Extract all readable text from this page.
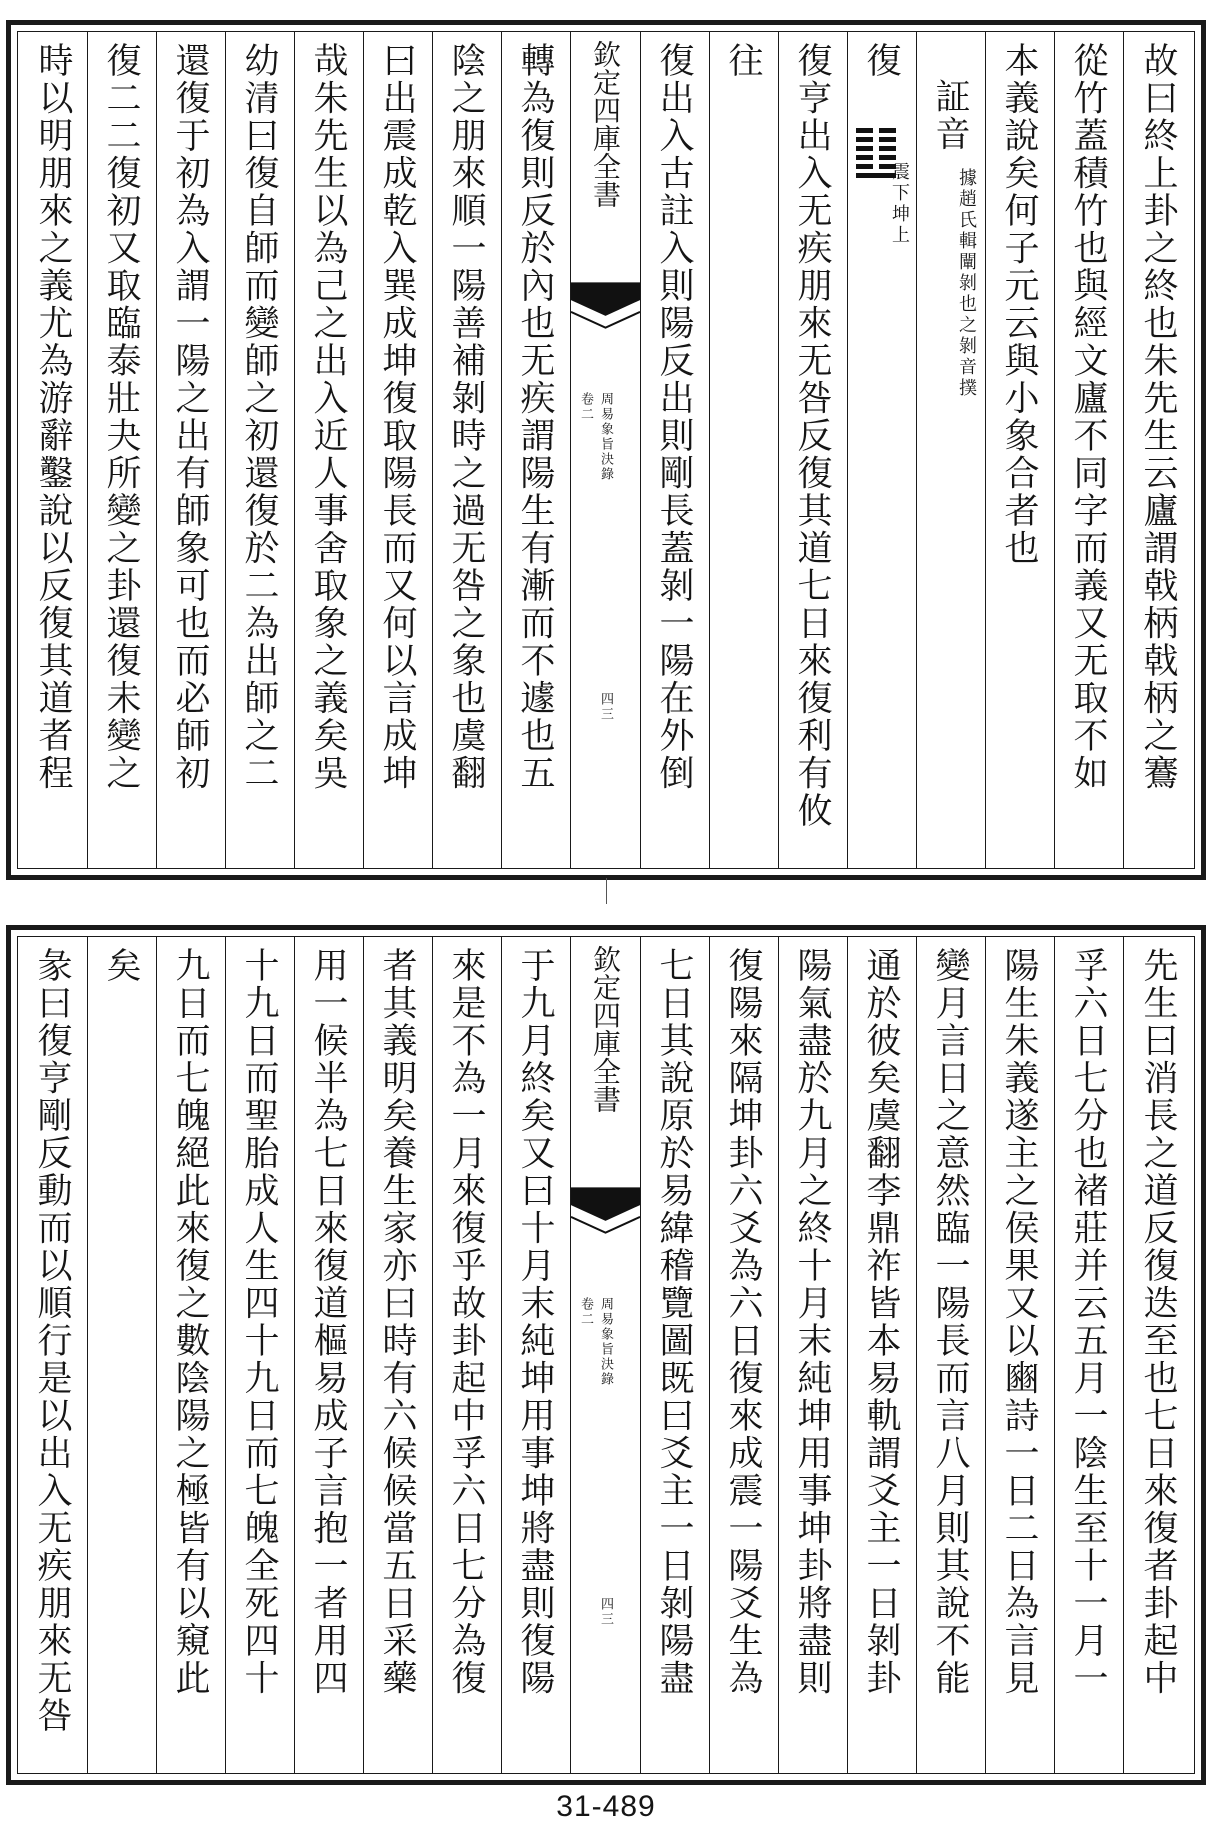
時以明朋來之義尤為游辭鑿說以反復其道者程 復二二復初又取臨泰壯夬所變之卦還復未變之 還復于初為入謂一陽之出有師象可也而必師初 幼清曰復自師而變師之初還復於二為出師之二 哉朱先生以為己之出入近人事舍取象之義矣吳 曰出震成乾入巽成坤復取陽長而又何以言成坤 陰之朋來順一陽善補剝時之過无咎之象也虞翻 轉為復則反於內也无疾謂陽生有漸而不遽也五	欽定四庫全書
周易象旨決錄
卷二
四三	復出入古註入則陽反出則剛長蓋剝一陽在外倒 往 復亨出入无疾朋來无咎反復其道七日來復利有攸 復
震下坤上
証音
據趙氏輯闡剝也之剝音撲 本義說矣何子元云與小象合者也 從竹蓋積竹也與經文廬不同字而義又无取不如 故曰終上卦之終也朱先生云廬謂戟柄戟柄之鶱
彖曰復亨剛反動而以順行是以出入无疾朋來无咎 矣 九日而七魄絕此來復之數陰陽之極皆有以窺此 十九日而聖胎成人生四十九日而七魄全死四十 用一候半為七日來復道樞易成子言抱一者用四 者其義明矣養生家亦曰時有六候候當五日采藥 來是不為一月來復乎故卦起中孚六日七分為復 于九月終矣又曰十月末純坤用事坤將盡則復陽	欽定四庫全書
周易象旨決錄
卷二
四三	七日其說原於易緯稽覽圖既曰爻主一日剝陽盡 復陽來隔坤卦六爻為六日復來成震一陽爻生為 陽氣盡於九月之終十月末純坤用事坤卦將盡則 通於彼矣虞翻李鼎祚皆本易軌謂爻主一日剝卦 變月言日之意然臨一陽長而言八月則其說不能 陽生朱義遂主之侯果又以豳詩一日二日為言見 孚六日七分也褚莊并云五月一陰生至十一月一 先生曰消長之道反復迭至也七日來復者卦起中
31-489
